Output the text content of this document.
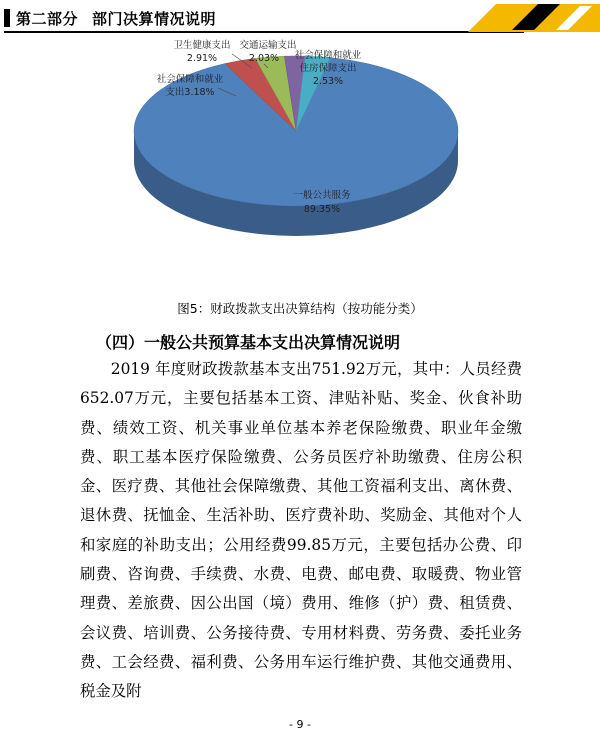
第二部分 部门决算情况说明
一般公共服务
89.35%
社会保障和就业
支出3.18%
卫生健康支出
2.91%
交通运输支出
2.03% 社会保障和就业
住房保障支出
2.53%
图5：财政拨款支出决算结构（按功能分类）
（四）一般公共预算基本支出决算情况说明

2019 年度财政拨款基本支出751.92万元，其中：人员经费652.07万元，主要包括基本工资、津贴补贴、奖金、伙食补助费、绩效工资、机关事业单位基本养老保险缴费、职业年金缴费、职工基本医疗保险缴费、公务员医疗补助缴费、住房公积金、医疗费、其他社会保障缴费、其他工资福利支出、离休费、退休费、抚恤金、生活补助、医疗费补助、奖励金、其他对个人和家庭的补助支出；公用经费99.85万元，主要包括办公费、印刷费、咨询费、手续费、水费、电费、邮电费、取暖费、物业管理费、差旅费、因公出国（境）费用、维修（护）费、租赁费、会议费、培训费、公务接待费、专用材料费、劳务费、委托业务费、工会经费、福利费、公务用车运行维护费、其他交通费用、税金及附

- 9 -
